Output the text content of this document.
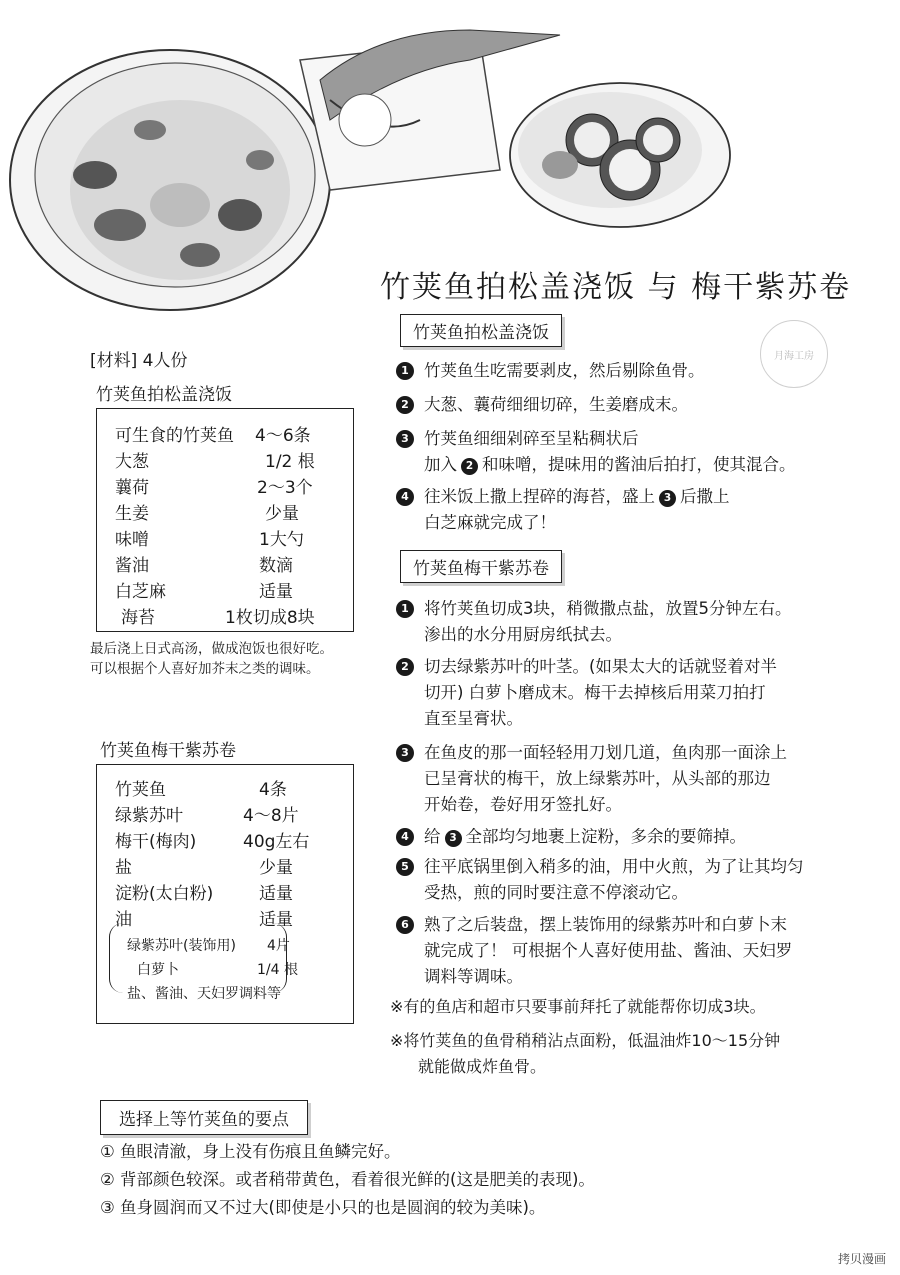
竹荚鱼拍松盖浇饭 与 梅干紫苏卷
月海工房
[材料] 4人份
竹荚鱼拍松盖浇饭
可生食的竹荚鱼 4～6条
大葱	1/2 根
蘘荷	2～3个
生姜	少量
味噌	1大勺
酱油	数滴
白芝麻	适量
海苔	1枚切成8块
最后浇上日式高汤，做成泡饭也很好吃。
可以根据个人喜好加芥末之类的调味。
竹荚鱼梅干紫苏卷
竹荚鱼	4条
绿紫苏叶	4～8片
梅干(梅肉)	40g左右
盐	少量
淀粉(太白粉)	适量
油	适量
绿紫苏叶(装饰用) 4片
白萝卜	1/4 根
盐、酱油、天妇罗调料等
竹荚鱼拍松盖浇饭
1 竹荚鱼生吃需要剥皮，然后剔除鱼骨。
2 大葱、蘘荷细细切碎，生姜磨成末。
3 竹荚鱼细细剁碎至呈粘稠状后
加入 2 和味噌，提味用的酱油后拍打，使其混合。
4 往米饭上撒上捏碎的海苔，盛上 3 后撒上
白芝麻就完成了！
竹荚鱼梅干紫苏卷
1 将竹荚鱼切成3块，稍微撒点盐，放置5分钟左右。
渗出的水分用厨房纸拭去。
2 切去绿紫苏叶的叶茎。(如果太大的话就竖着对半
切开) 白萝卜磨成末。梅干去掉核后用菜刀拍打
直至呈膏状。
3 在鱼皮的那一面轻轻用刀划几道，鱼肉那一面涂上
已呈膏状的梅干，放上绿紫苏叶，从头部的那边
开始卷，卷好用牙签扎好。
4 给 3 全部均匀地裹上淀粉，多余的要筛掉。
5 往平底锅里倒入稍多的油，用中火煎，为了让其均匀
受热，煎的同时要注意不停滚动它。
6 熟了之后装盘，摆上装饰用的绿紫苏叶和白萝卜末
就完成了！ 可根据个人喜好使用盐、酱油、天妇罗
调料等调味。
※有的鱼店和超市只要事前拜托了就能帮你切成3块。
※将竹荚鱼的鱼骨稍稍沾点面粉，低温油炸10～15分钟
就能做成炸鱼骨。
选择上等竹荚鱼的要点
① 鱼眼清澈，身上没有伤痕且鱼鳞完好。
② 背部颜色较深。或者稍带黄色，看着很光鲜的(这是肥美的表现)。
③ 鱼身圆润而又不过大(即使是小只的也是圆润的较为美味)。
拷贝漫画
